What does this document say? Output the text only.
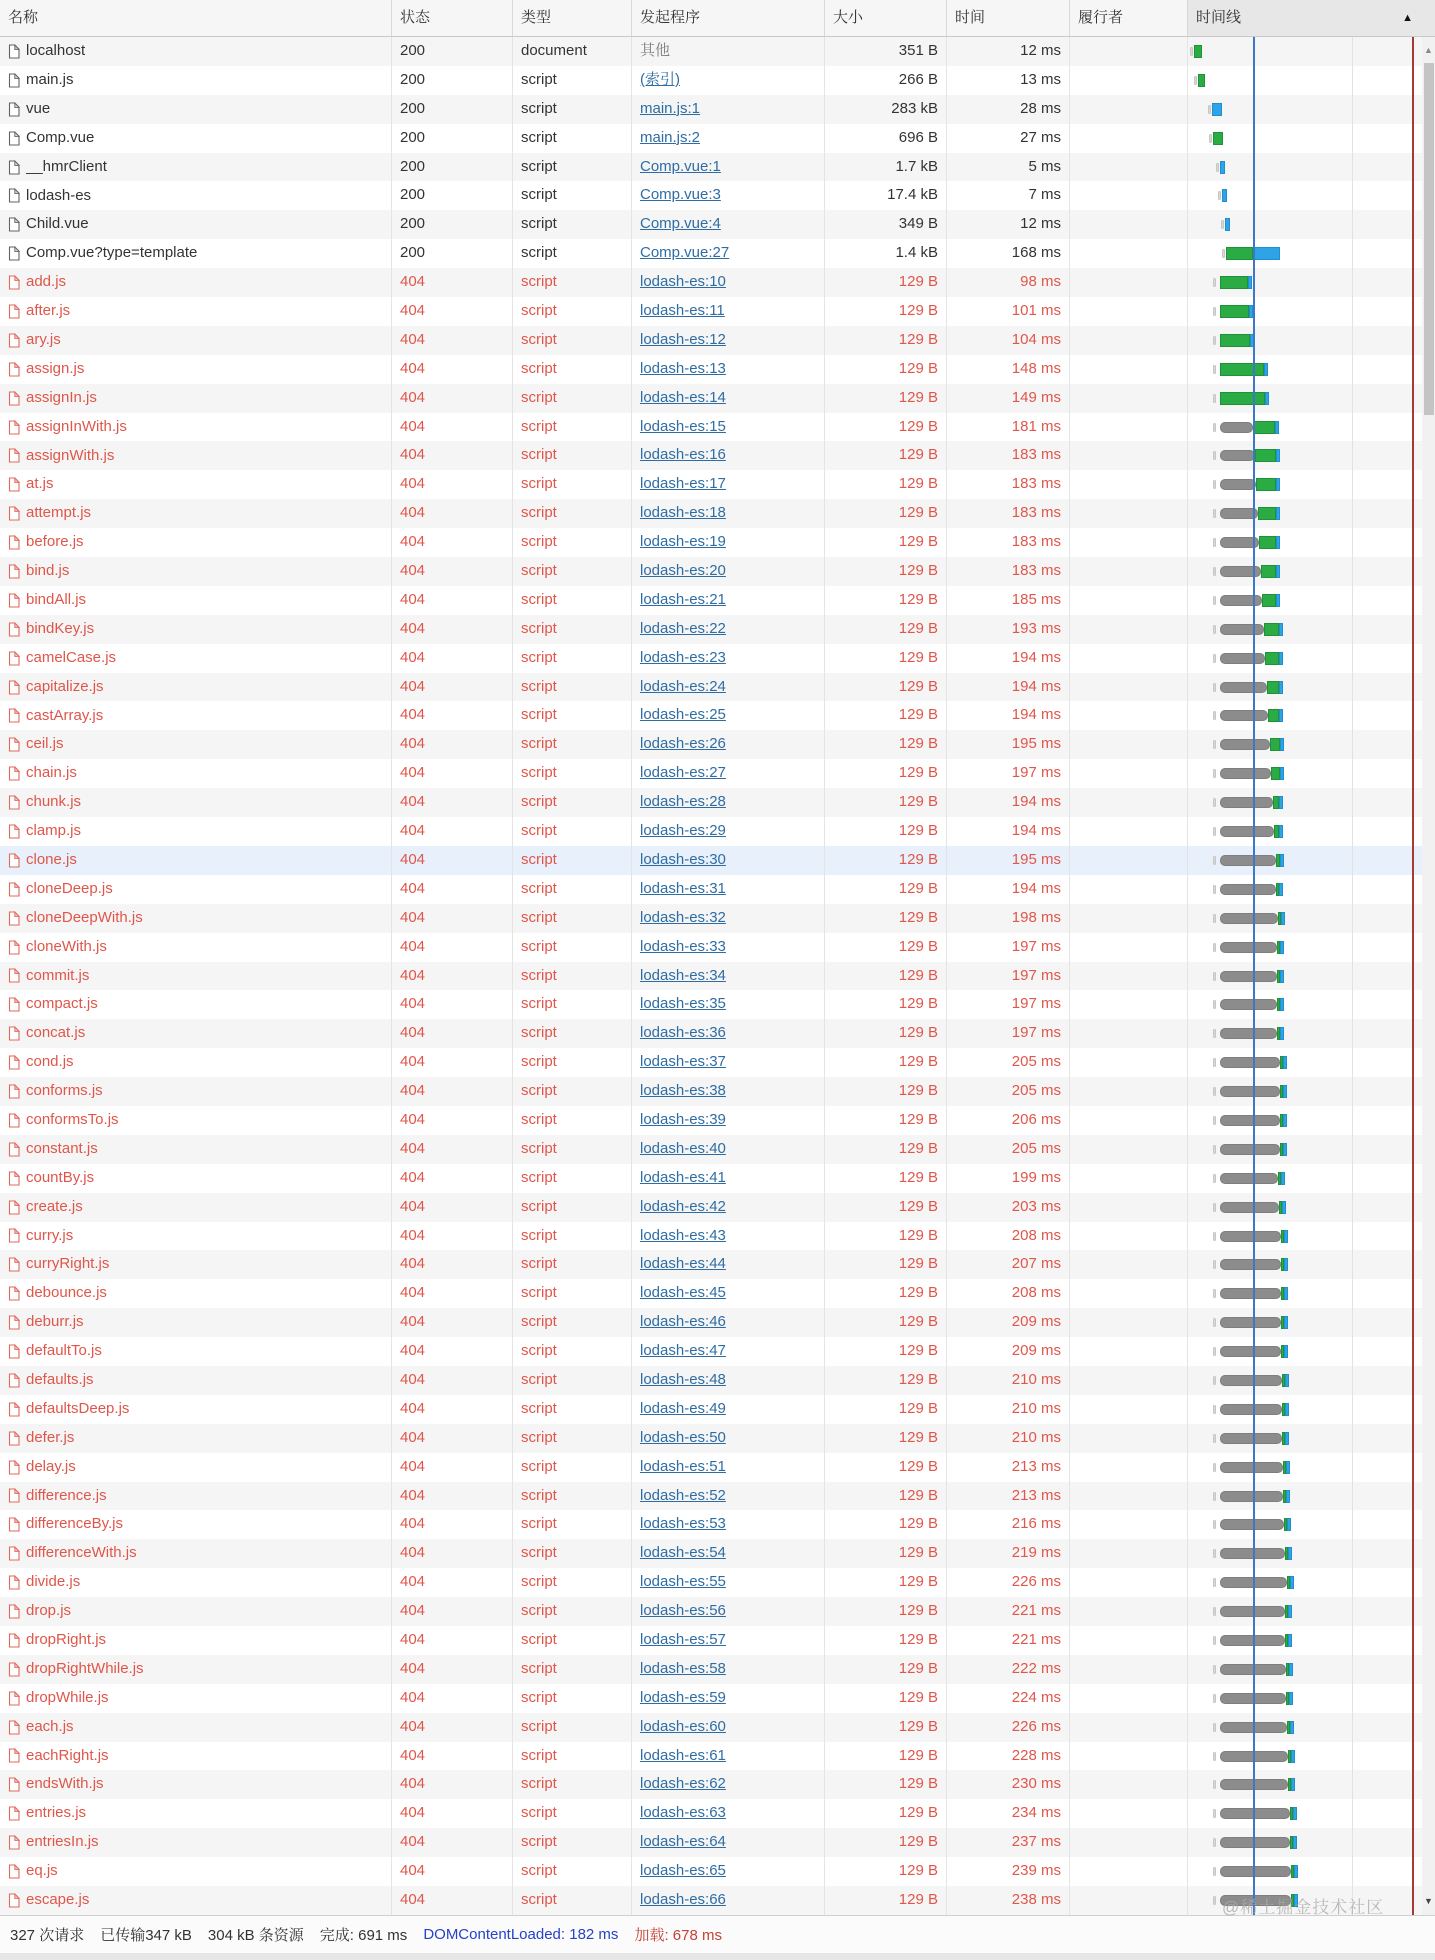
名称	状态	类型	发起程序	大小	时间	履行者	时间线	▲
localhost	200	document	其他	351 B	12 ms
main.js	200	script	(索引)	266 B	13 ms
vue	200	script	main.js:1	283 kB	28 ms
Comp.vue	200	script	main.js:2	696 B	27 ms
__hmrClient	200	script	Comp.vue:1	1.7 kB	5 ms
lodash-es	200	script	Comp.vue:3	17.4 kB	7 ms
Child.vue	200	script	Comp.vue:4	349 B	12 ms
Comp.vue?type=template	200	script	Comp.vue:27	1.4 kB	168 ms
add.js	404	script	lodash-es:10	129 B	98 ms
after.js	404	script	lodash-es:11	129 B	101 ms
ary.js	404	script	lodash-es:12	129 B	104 ms
assign.js	404	script	lodash-es:13	129 B	148 ms
assignIn.js	404	script	lodash-es:14	129 B	149 ms
assignInWith.js	404	script	lodash-es:15	129 B	181 ms
assignWith.js	404	script	lodash-es:16	129 B	183 ms
at.js	404	script	lodash-es:17	129 B	183 ms
attempt.js	404	script	lodash-es:18	129 B	183 ms
before.js	404	script	lodash-es:19	129 B	183 ms
bind.js	404	script	lodash-es:20	129 B	183 ms
bindAll.js	404	script	lodash-es:21	129 B	185 ms
bindKey.js	404	script	lodash-es:22	129 B	193 ms
camelCase.js	404	script	lodash-es:23	129 B	194 ms
capitalize.js	404	script	lodash-es:24	129 B	194 ms
castArray.js	404	script	lodash-es:25	129 B	194 ms
ceil.js	404	script	lodash-es:26	129 B	195 ms
chain.js	404	script	lodash-es:27	129 B	197 ms
chunk.js	404	script	lodash-es:28	129 B	194 ms
clamp.js	404	script	lodash-es:29	129 B	194 ms
clone.js	404	script	lodash-es:30	129 B	195 ms
cloneDeep.js	404	script	lodash-es:31	129 B	194 ms
cloneDeepWith.js	404	script	lodash-es:32	129 B	198 ms
cloneWith.js	404	script	lodash-es:33	129 B	197 ms
commit.js	404	script	lodash-es:34	129 B	197 ms
compact.js	404	script	lodash-es:35	129 B	197 ms
concat.js	404	script	lodash-es:36	129 B	197 ms
cond.js	404	script	lodash-es:37	129 B	205 ms
conforms.js	404	script	lodash-es:38	129 B	205 ms
conformsTo.js	404	script	lodash-es:39	129 B	206 ms
constant.js	404	script	lodash-es:40	129 B	205 ms
countBy.js	404	script	lodash-es:41	129 B	199 ms
create.js	404	script	lodash-es:42	129 B	203 ms
curry.js	404	script	lodash-es:43	129 B	208 ms
curryRight.js	404	script	lodash-es:44	129 B	207 ms
debounce.js	404	script	lodash-es:45	129 B	208 ms
deburr.js	404	script	lodash-es:46	129 B	209 ms
defaultTo.js	404	script	lodash-es:47	129 B	209 ms
defaults.js	404	script	lodash-es:48	129 B	210 ms
defaultsDeep.js	404	script	lodash-es:49	129 B	210 ms
defer.js	404	script	lodash-es:50	129 B	210 ms
delay.js	404	script	lodash-es:51	129 B	213 ms
difference.js	404	script	lodash-es:52	129 B	213 ms
differenceBy.js	404	script	lodash-es:53	129 B	216 ms
differenceWith.js	404	script	lodash-es:54	129 B	219 ms
divide.js	404	script	lodash-es:55	129 B	226 ms
drop.js	404	script	lodash-es:56	129 B	221 ms
dropRight.js	404	script	lodash-es:57	129 B	221 ms
dropRightWhile.js	404	script	lodash-es:58	129 B	222 ms
dropWhile.js	404	script	lodash-es:59	129 B	224 ms
each.js	404	script	lodash-es:60	129 B	226 ms
eachRight.js	404	script	lodash-es:61	129 B	228 ms
endsWith.js	404	script	lodash-es:62	129 B	230 ms
entries.js	404	script	lodash-es:63	129 B	234 ms
entriesIn.js	404	script	lodash-es:64	129 B	237 ms
eq.js	404	script	lodash-es:65	129 B	239 ms
escape.js	404	script	lodash-es:66	129 B	238 ms
▲
▼
@稀土掘金技术社区
327 次请求 已传输347 kB 304 kB 条资源 完成: 691 ms DOMContentLoaded: 182 ms 加载: 678 ms
